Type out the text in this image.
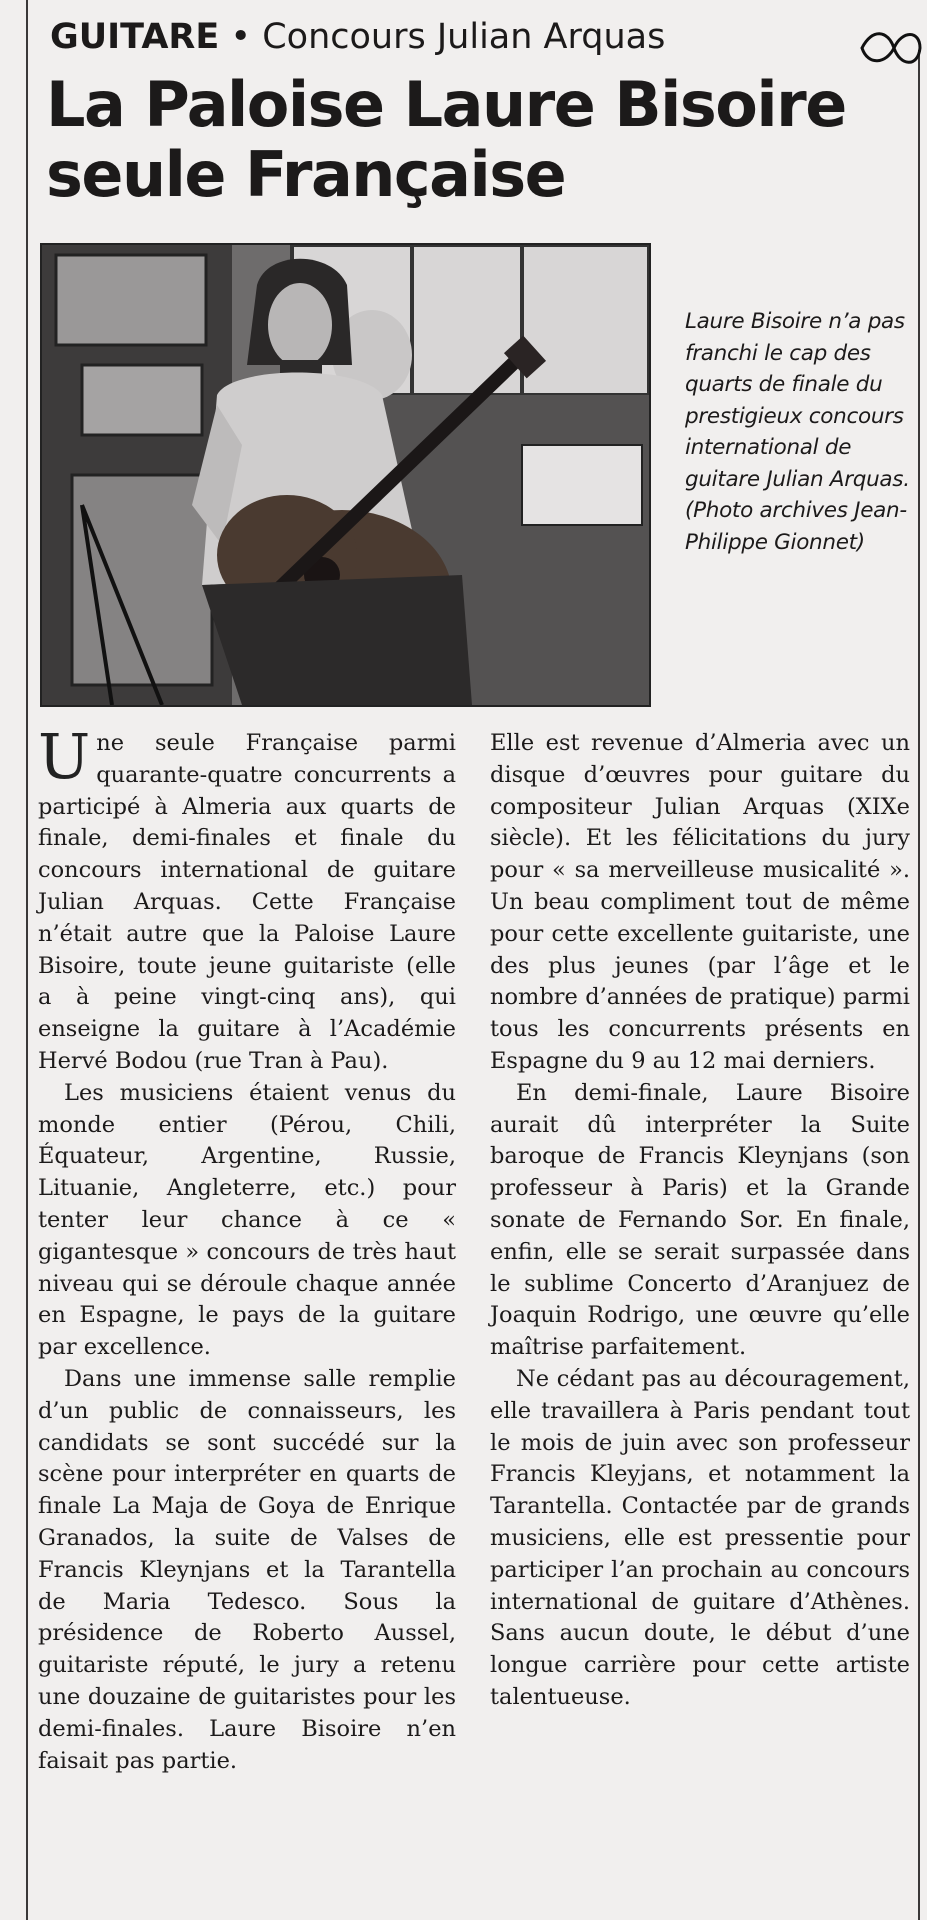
GUITARE • Concours Julian Arquas
La Paloise Laure Bisoire seule Française

Laure Bisoire n’a pas franchi le cap des quarts de finale du prestigieux concours international de guitare Julian Arquas. (Photo archives Jean-Philippe Gionnet)

Une seule Française parmi quarante-quatre concurrents a participé à Almeria aux quarts de finale, demi-finales et finale du concours international de guitare Julian Arquas. Cette Française n’était autre que la Paloise Laure Bisoire, toute jeune guitariste (elle a à peine vingt-cinq ans), qui enseigne la guitare à l’Académie Hervé Bodou (rue Tran à Pau).

Les musiciens étaient venus du monde entier (Pérou, Chili, Équateur, Argentine, Russie, Lituanie, Angleterre, etc.) pour tenter leur chance à ce « gigantesque » concours de très haut niveau qui se déroule chaque année en Espagne, le pays de la guitare par excellence.

Dans une immense salle remplie d’un public de connaisseurs, les candidats se sont succédé sur la scène pour interpréter en quarts de finale La Maja de Goya de Enrique Granados, la suite de Valses de Francis Kleynjans et la Tarantella de Maria Tedesco. Sous la présidence de Roberto Aussel, guitariste réputé, le jury a retenu une douzaine de guitaristes pour les demi-finales. Laure Bisoire n’en faisait pas partie.

Elle est revenue d’Almeria avec un disque d’œuvres pour guitare du compositeur Julian Arquas (XIXe siècle). Et les félicitations du jury pour « sa merveilleuse musicalité ». Un beau compliment tout de même pour cette excellente guitariste, une des plus jeunes (par l’âge et le nombre d’années de pratique) parmi tous les concurrents présents en Espagne du 9 au 12 mai derniers.

En demi-finale, Laure Bisoire aurait dû interpréter la Suite baroque de Francis Kleynjans (son professeur à Paris) et la Grande sonate de Fernando Sor. En finale, enfin, elle se serait surpassée dans le sublime Concerto d’Aranjuez de Joaquin Rodrigo, une œuvre qu’elle maîtrise parfaitement.

Ne cédant pas au découragement, elle travaillera à Paris pendant tout le mois de juin avec son professeur Francis Kleyjans, et notamment la Tarantella. Contactée par de grands musiciens, elle est pressentie pour participer l’an prochain au concours international de guitare d’Athènes. Sans aucun doute, le début d’une longue carrière pour cette artiste talentueuse.
